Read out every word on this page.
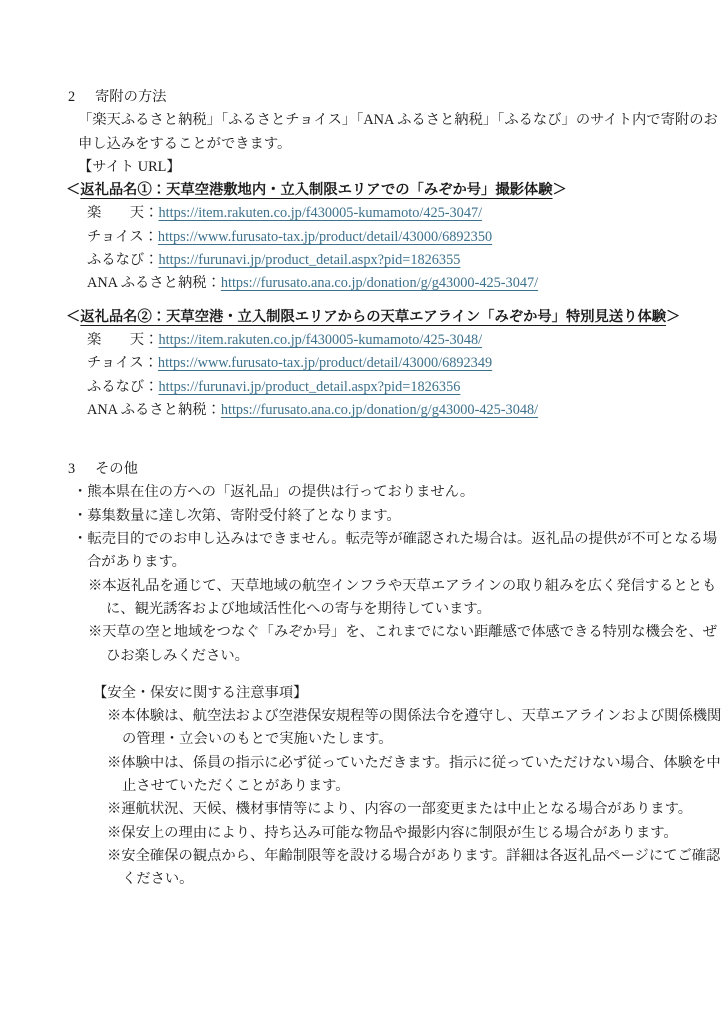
2 寄附の方法
「楽天ふるさと納税」「ふるさとチョイス」「ANA ふるさと納税」「ふるなび」のサイト内で寄附のお
申し込みをすることができます。
【サイト URL】
＜返礼品名①：天草空港敷地内・立入制限エリアでの「みぞか号」撮影体験＞
楽　　天：https://item.rakuten.co.jp/f430005-kumamoto/425-3047/
チョイス：https://www.furusato-tax.jp/product/detail/43000/6892350
ふるなび：https://furunavi.jp/product_detail.aspx?pid=1826355
ANA ふるさと納税：https://furusato.ana.co.jp/donation/g/g43000-425-3047/
＜返礼品名②：天草空港・立入制限エリアからの天草エアライン「みぞか号」特別見送り体験＞
楽　　天：https://item.rakuten.co.jp/f430005-kumamoto/425-3048/
チョイス：https://www.furusato-tax.jp/product/detail/43000/6892349
ふるなび：https://furunavi.jp/product_detail.aspx?pid=1826356
ANA ふるさと納税：https://furusato.ana.co.jp/donation/g/g43000-425-3048/
3 その他
・熊本県在住の方への「返礼品」の提供は行っておりません。
・募集数量に達し次第、寄附受付終了となります。
・転売目的でのお申し込みはできません。転売等が確認された場合は。返礼品の提供が不可となる場
合があります。
※本返礼品を通じて、天草地域の航空インフラや天草エアラインの取り組みを広く発信するととも
に、観光誘客および地域活性化への寄与を期待しています。
※天草の空と地域をつなぐ「みぞか号」を、これまでにない距離感で体感できる特別な機会を、ぜ
ひお楽しみください。
【安全・保安に関する注意事項】
※本体験は、航空法および空港保安規程等の関係法令を遵守し、天草エアラインおよび関係機関
の管理・立会いのもとで実施いたします。
※体験中は、係員の指示に必ず従っていただきます。指示に従っていただけない場合、体験を中
止させていただくことがあります。
※運航状況、天候、機材事情等により、内容の一部変更または中止となる場合があります。
※保安上の理由により、持ち込み可能な物品や撮影内容に制限が生じる場合があります。
※安全確保の観点から、年齢制限等を設ける場合があります。詳細は各返礼品ページにてご確認
ください。
